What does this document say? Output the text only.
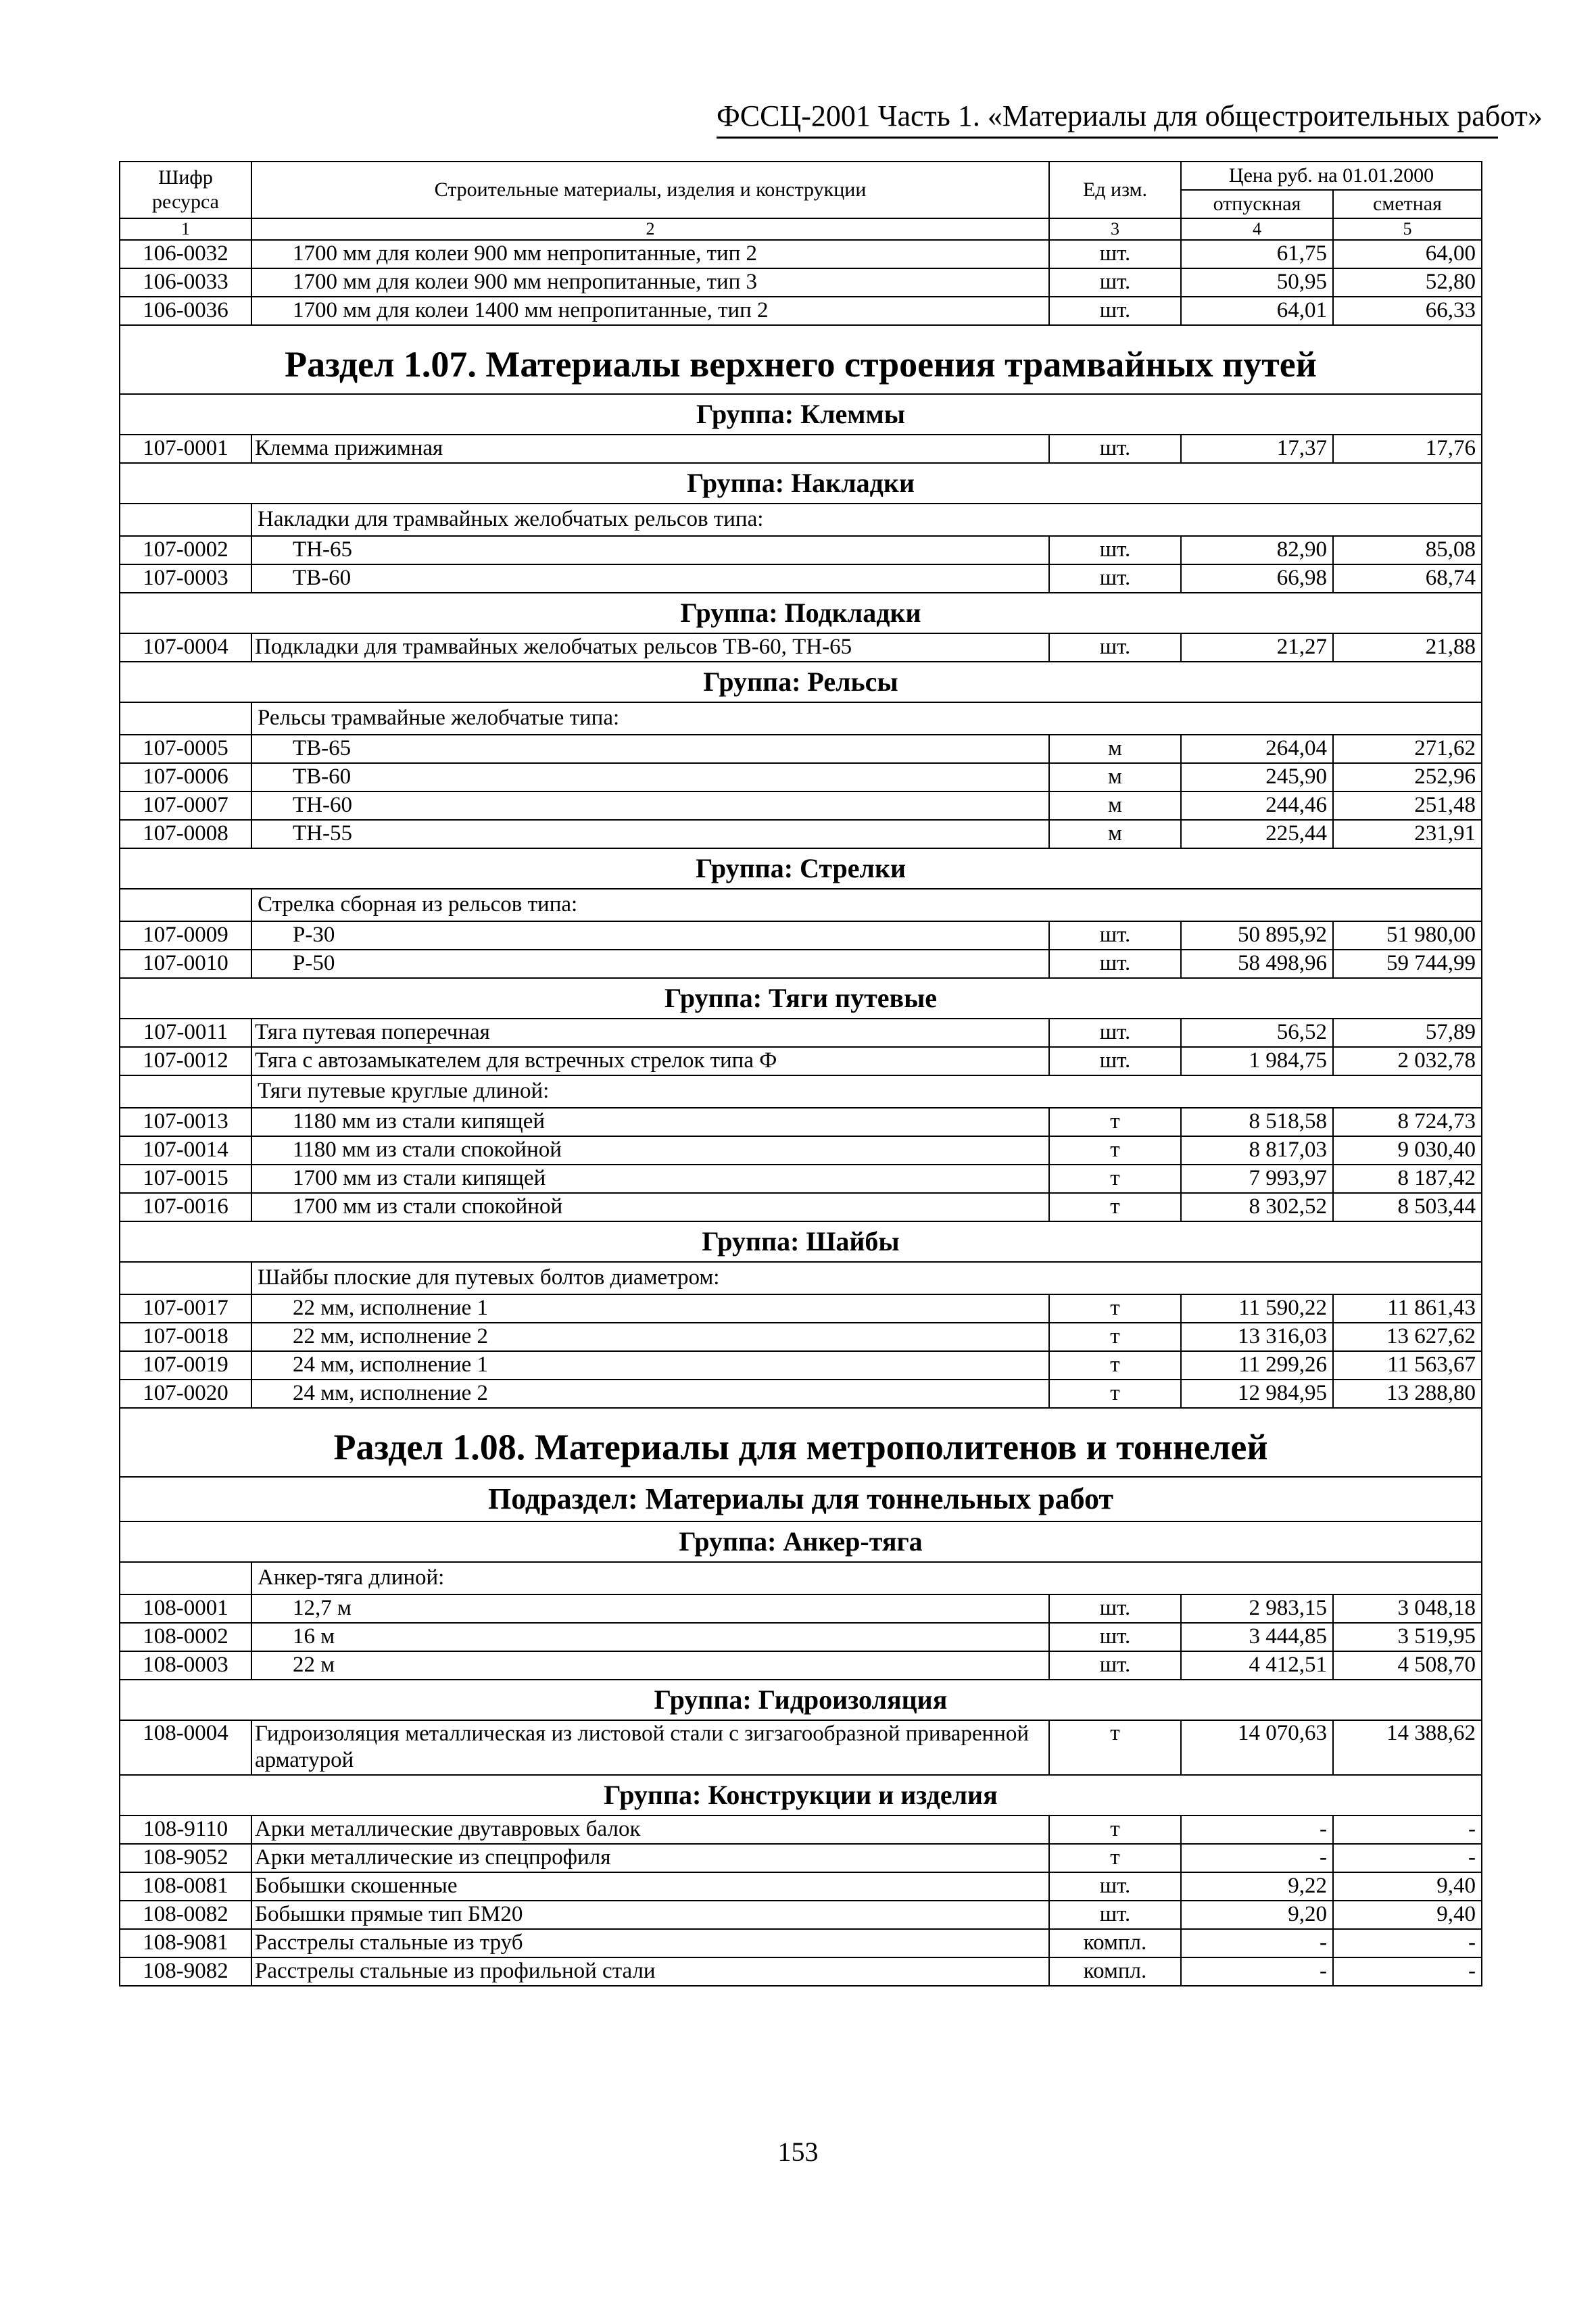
ФССЦ-2001 Часть 1. «Материалы для общестроительных работ»
Шифр ресурса	Строительные материалы, изделия и конструкции	Ед изм.	Цена руб. на 01.01.2000	
			отпускная	сметная
1	2	3	4	5
106-0032	1700 мм для колеи 900 мм непропитанные, тип 2	шт.	61,75	64,00
106-0033	1700 мм для колеи 900 мм непропитанные, тип 3	шт.	50,95	52,80
106-0036	1700 мм для колеи 1400 мм непропитанные, тип 2	шт.	64,01	66,33
Раздел 1.07. Материалы верхнего строения трамвайных путей				
Группа: Клеммы				
107-0001	Клемма прижимная	шт.	17,37	17,76
Группа: Накладки				
	Накладки для трамвайных желобчатых рельсов типа:			
107-0002	ТН-65	шт.	82,90	85,08
107-0003	ТВ-60	шт.	66,98	68,74
Группа: Подкладки				
107-0004	Подкладки для трамвайных желобчатых рельсов ТВ-60, ТН-65	шт.	21,27	21,88
Группа: Рельсы				
	Рельсы трамвайные желобчатые типа:			
107-0005	ТВ-65	м	264,04	271,62
107-0006	ТВ-60	м	245,90	252,96
107-0007	ТН-60	м	244,46	251,48
107-0008	ТН-55	м	225,44	231,91
Группа: Стрелки				
	Стрелка сборная из рельсов типа:			
107-0009	Р-30	шт.	50 895,92	51 980,00
107-0010	Р-50	шт.	58 498,96	59 744,99
Группа: Тяги путевые				
107-0011	Тяга путевая поперечная	шт.	56,52	57,89
107-0012	Тяга с автозамыкателем для встречных стрелок типа Ф	шт.	1 984,75	2 032,78
	Тяги путевые круглые длиной:			
107-0013	1180 мм из стали кипящей	т	8 518,58	8 724,73
107-0014	1180 мм из стали спокойной	т	8 817,03	9 030,40
107-0015	1700 мм из стали кипящей	т	7 993,97	8 187,42
107-0016	1700 мм из стали спокойной	т	8 302,52	8 503,44
Группа: Шайбы				
	Шайбы плоские для путевых болтов диаметром:			
107-0017	22 мм, исполнение 1	т	11 590,22	11 861,43
107-0018	22 мм, исполнение 2	т	13 316,03	13 627,62
107-0019	24 мм, исполнение 1	т	11 299,26	11 563,67
107-0020	24 мм, исполнение 2	т	12 984,95	13 288,80
Раздел 1.08. Материалы для метрополитенов и тоннелей				
Подраздел: Материалы для тоннельных работ				
Группа: Анкер-тяга				
	Анкер-тяга длиной:			
108-0001	12,7 м	шт.	2 983,15	3 048,18
108-0002	16 м	шт.	3 444,85	3 519,95
108-0003	22 м	шт.	4 412,51	4 508,70
Группа: Гидроизоляция				
108-0004	Гидроизоляция металлическая из листовой стали с зигзагообразной приваренной арматурой	т	14 070,63	14 388,62
Группа: Конструкции и изделия				
108-9110	Арки металлические двутавровых балок	т	-	-
108-9052	Арки металлические из спецпрофиля	т	-	-
108-0081	Бобышки скошенные	шт.	9,22	9,40
108-0082	Бобышки прямые тип БМ20	шт.	9,20	9,40
108-9081	Расстрелы стальные из труб	компл.	-	-
108-9082	Расстрелы стальные из профильной стали	компл.	-	-
153
